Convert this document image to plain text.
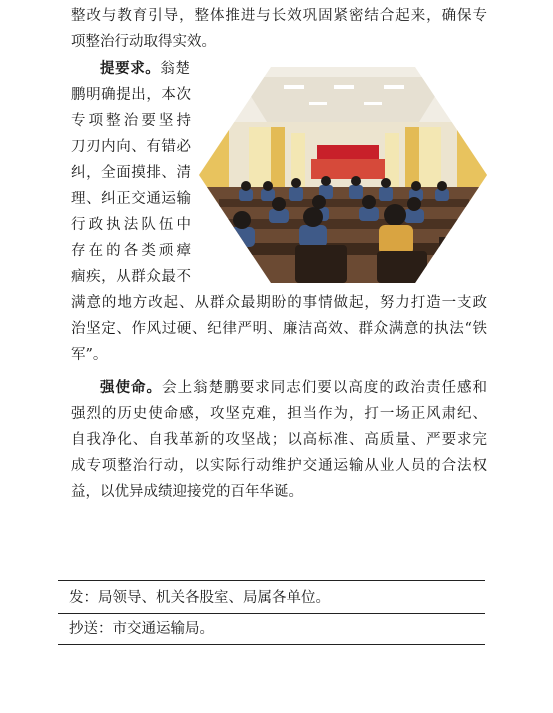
整改与教育引导，整体推进与长效巩固紧密结合起来，确保专
项整治行动取得实效。
提要求。翁楚
鹏明确提出，本次
专项整治要坚持
刀刃内向、有错必
纠，全面摸排、清
理、纠正交通运输
行政执法队伍中
存在的各类顽瘴
痼疾，从群众最不
满意的地方改起、从群众最期盼的事情做起，努力打造一支政
治坚定、作风过硬、纪律严明、廉洁高效、群众满意的执法“铁
军”。
强使命。会上翁楚鹏要求同志们要以高度的政治责任感和
强烈的历史使命感，攻坚克难，担当作为，打一场正风肃纪、
自我净化、自我革新的攻坚战；以高标准、高质量、严要求完
成专项整治行动，以实际行动维护交通运输从业人员的合法权
益，以优异成绩迎接党的百年华诞。
发：局领导、机关各股室、局属各单位。
抄送：市交通运输局。
